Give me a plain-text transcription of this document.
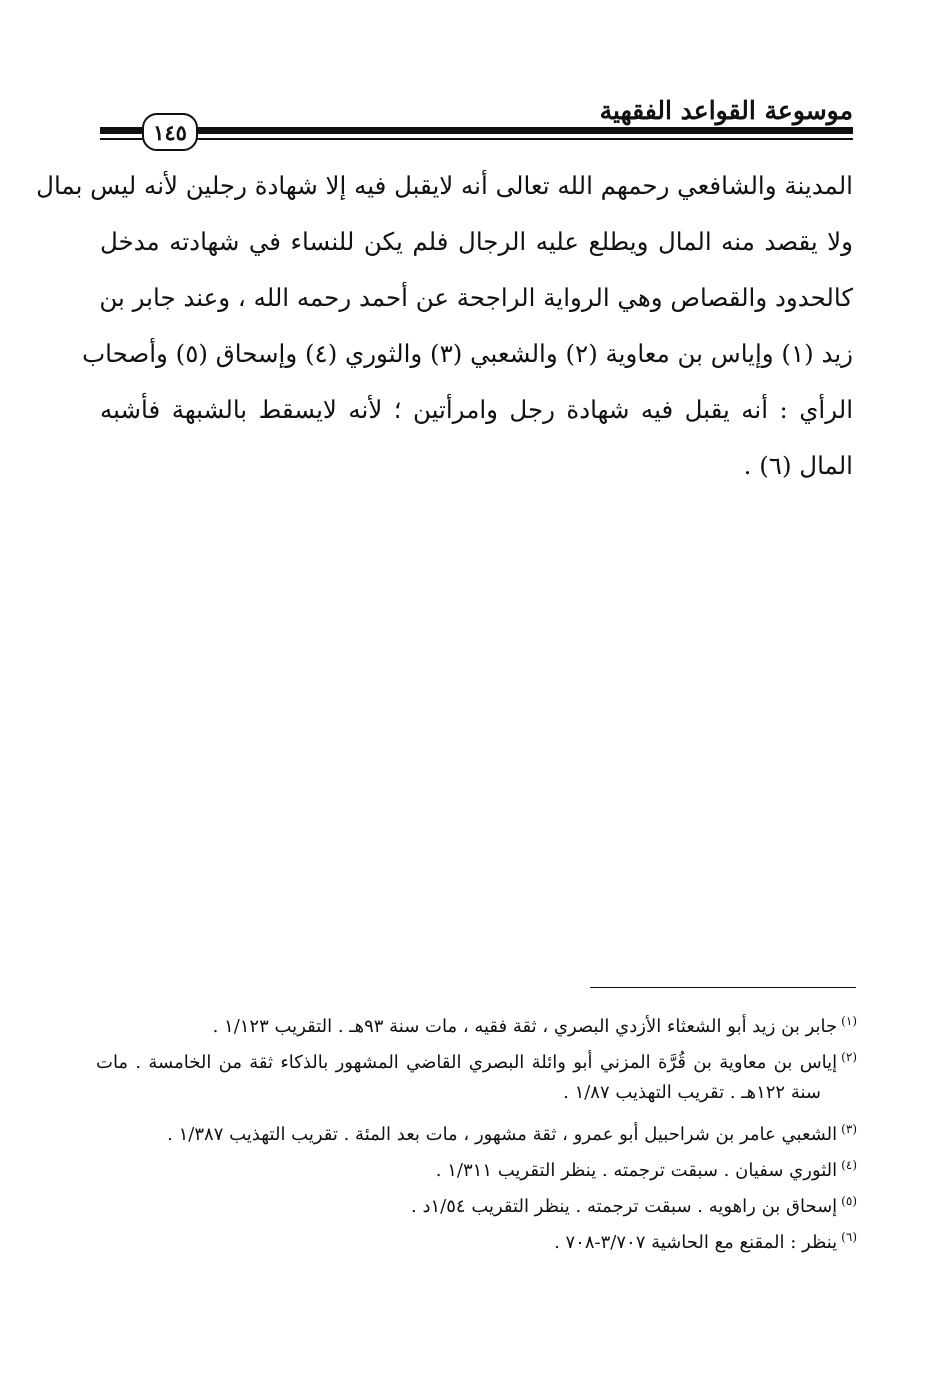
موسوعة القواعد الفقهية
١٤٥
المدينة والشافعي رحمهم الله تعالى أنه لايقبل فيه إلا شهادة رجلين لأنه ليس بمال
ولا يقصد منه المال ويطلع عليه الرجال فلم يكن للنساء في شهادته مدخل
كالحدود والقصاص وهي الرواية الراجحة عن أحمد رحمه الله ، وعند جابر بن
زيد (١) وإياس بن معاوية (٢) والشعبي (٣) والثوري (٤) وإسحاق (٥) وأصحاب
الرأي : أنه يقبل فيه شهادة رجل وامرأتين ؛ لأنه لايسقط بالشبهة فأشبه
المال (٦) .
$^{(١)}$جابر بن زيد أبو الشعثاء الأزدي البصري ، ثقة فقيه ، مات سنة ٩٣هـ . التقريب ١/١٢٣ .
$^{(٢)}$إياس بن معاوية بن قُرَّة المزني أبو وائلة البصري القاضي المشهور بالذكاء ثقة من الخامسة . مات
سنة ١٢٢هـ . تقريب التهذيب ١/٨٧ .
$^{(٣)}$الشعبي عامر بن شراحبيل أبو عمرو ، ثقة مشهور ، مات بعد المئة . تقريب التهذيب ١/٣٨٧ .
$^{(٤)}$الثوري سفيان . سبقت ترجمته . ينظر التقريب ١/٣١١ .
$^{(٥)}$إسحاق بن راهويه . سبقت ترجمته . ينظر التقريب ١/٥٤د .
$^{(٦)}$ينظر : المقنع مع الحاشية ٣/٧٠٧-٧٠٨ .
